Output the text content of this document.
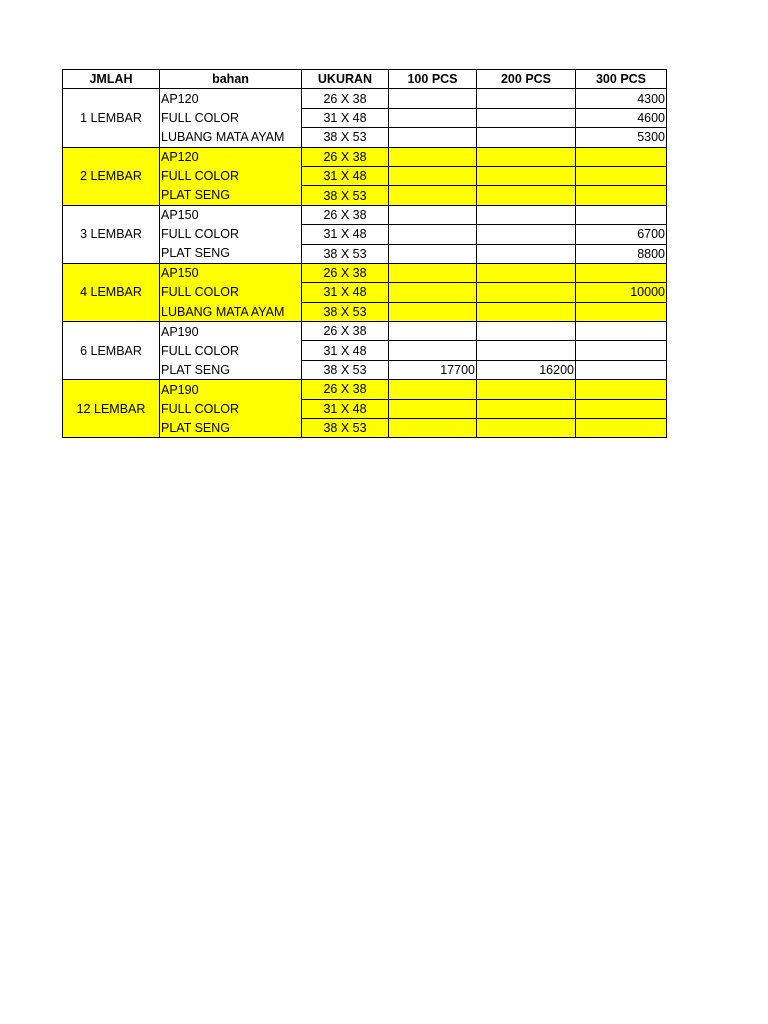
JMLAH	bahan	UKURAN	100 PCS	200 PCS	300 PCS
1 LEMBAR	AP120	26 X 38			4300
	FULL COLOR	31 X 48			4600
	LUBANG MATA AYAM	38 X 53			5300
2 LEMBAR	AP120	26 X 38			
	FULL COLOR	31 X 48			
	PLAT SENG	38 X 53			
3 LEMBAR	AP150	26 X 38			
	FULL COLOR	31 X 48			6700
	PLAT SENG	38 X 53			8800
4 LEMBAR	AP150	26 X 38			
	FULL COLOR	31 X 48			10000
	LUBANG MATA AYAM	38 X 53			
6 LEMBAR	AP190	26 X 38			
	FULL COLOR	31 X 48			
	PLAT SENG	38 X 53	17700	16200	
12 LEMBAR	AP190	26 X 38			
	FULL COLOR	31 X 48			
	PLAT SENG	38 X 53			
